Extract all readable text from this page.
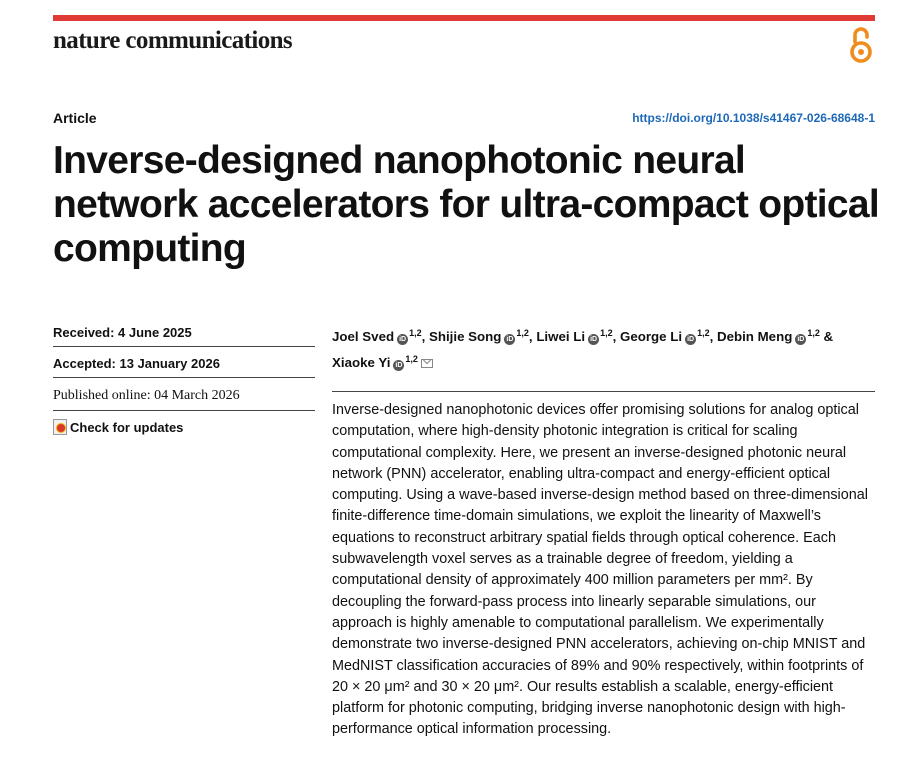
nature communications
Article	https://doi.org/10.1038/s41467-026-68648-1
Inverse-designed nanophotonic neural network accelerators for ultra-compact optical computing
Received: 4 June 2025
Accepted: 13 January 2026
Published online: 04 March 2026
Check for updates
Joel Sved iD$^{1,2}$, Shijie Song iD$^{1,2}$, Liwei Li iD$^{1,2}$, George Li iD$^{1,2}$, Debin Meng iD$^{1,2}$ &
Xiaoke Yi iD$^{1,2}$

Inverse-designed nanophotonic devices offer promising solutions for analog optical computation, where high-density photonic integration is critical for scaling computational complexity. Here, we present an inverse-designed photonic neural network (PNN) accelerator, enabling ultra-compact and energy-efficient optical computing. Using a wave-based inverse-design method based on three-dimensional finite-difference time-domain simulations, we exploit the linearity of Maxwell’s equations to reconstruct arbitrary spatial fields through optical coherence. Each subwavelength voxel serves as a trainable degree of freedom, yielding a computational density of approximately 400 million parameters per mm². By decoupling the forward-pass process into linearly separable simulations, our approach is highly amenable to computational parallelism. We experimentally demonstrate two inverse-designed PNN accelerators, achieving on-chip MNIST and MedNIST classification accuracies of 89% and 90% respectively, within footprints of 20 × 20 μm² and 30 × 20 μm². Our results establish a scalable, energy-efficient platform for photonic computing, bridging inverse nanophotonic design with high-performance optical information processing.
